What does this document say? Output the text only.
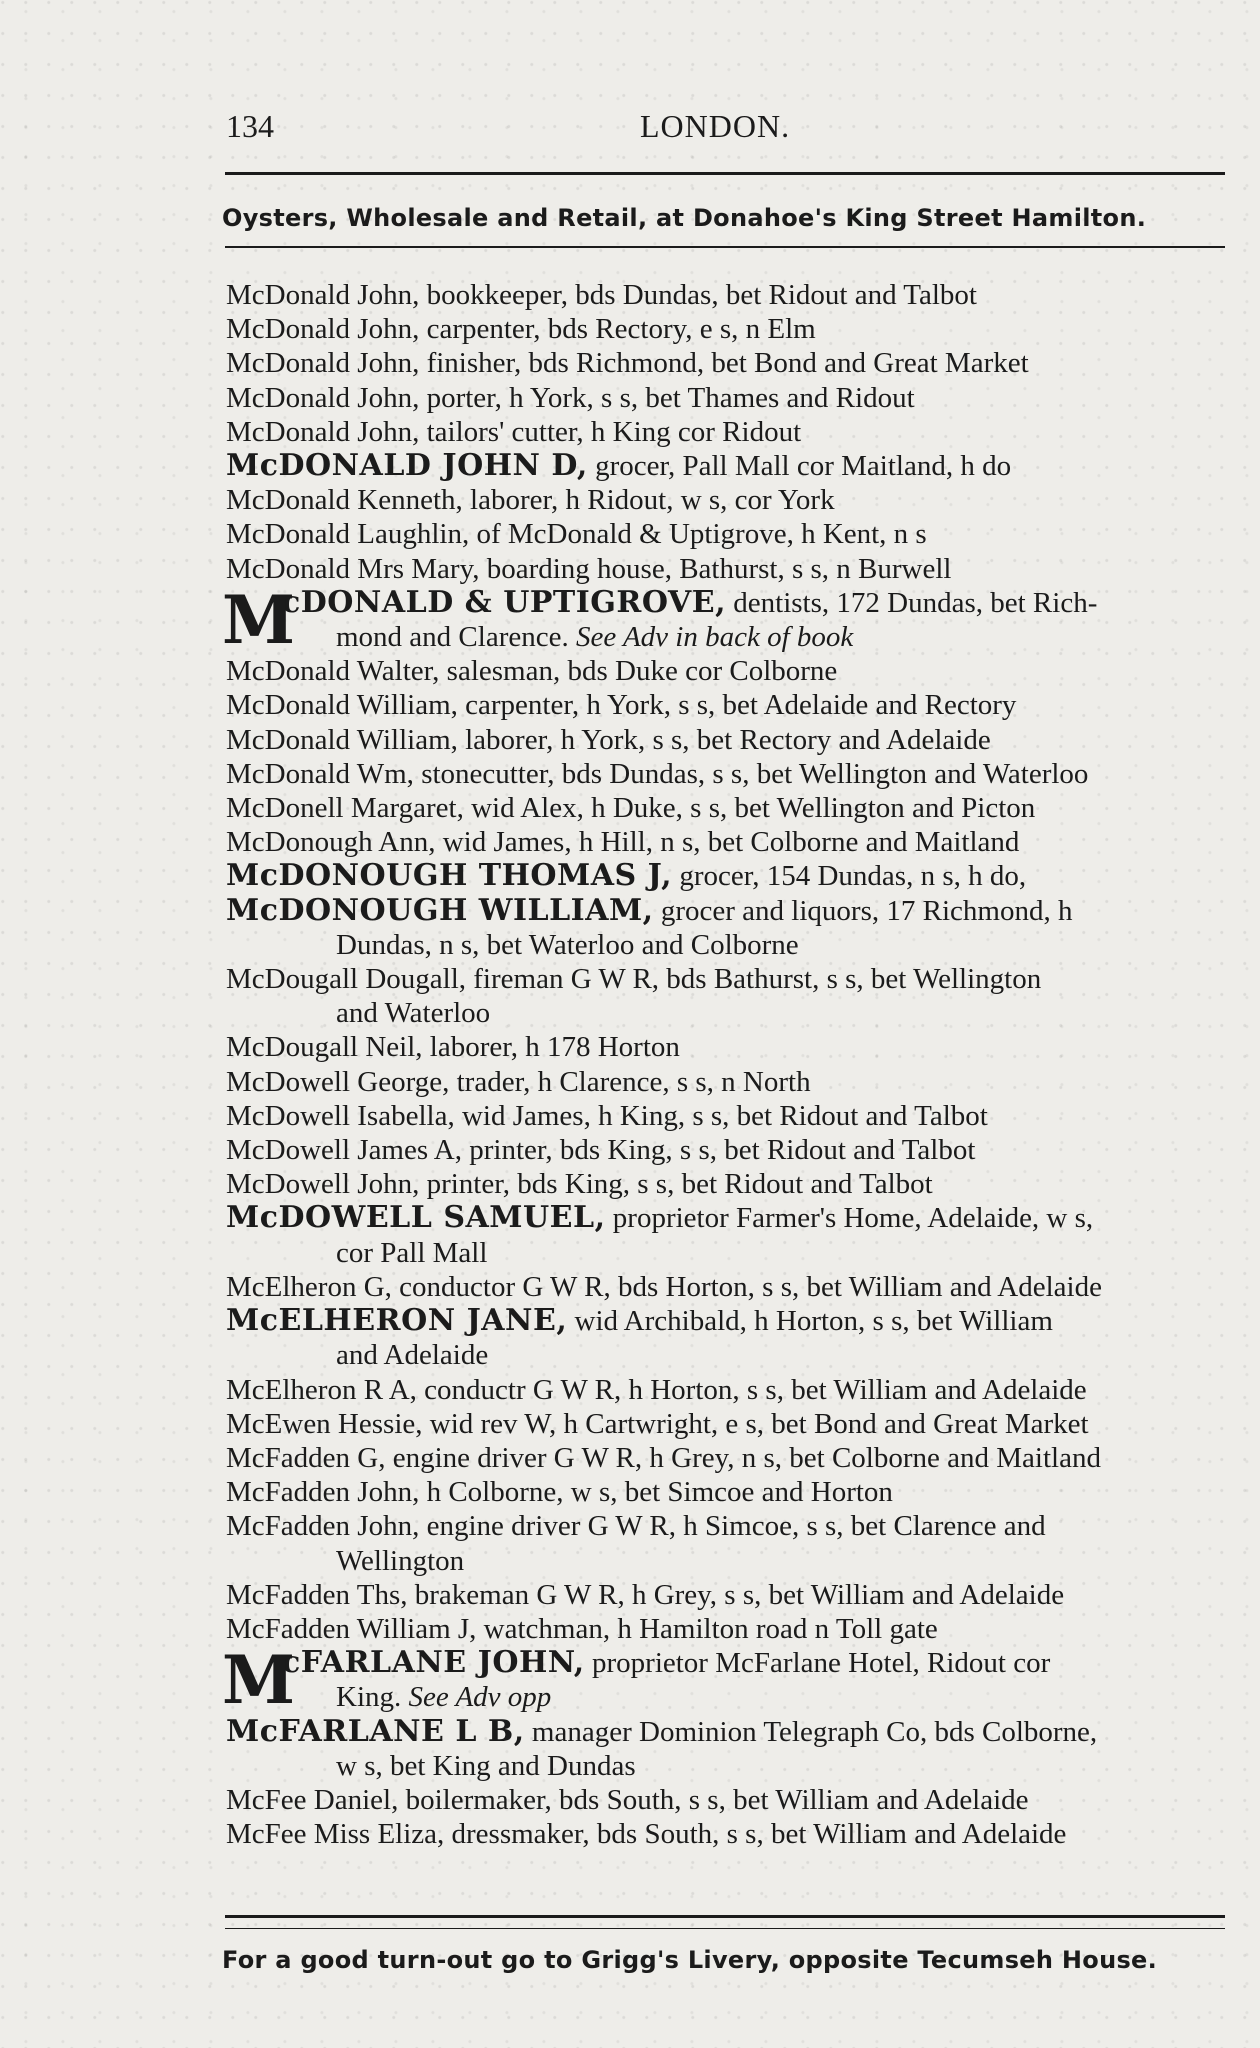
134	LONDON.
Oysters, Wholesale and Retail, at Donahoe's King Street Hamilton.
McDonald John, bookkeeper, bds Dundas, bet Ridout and Talbot
McDonald John, carpenter, bds Rectory, e s, n Elm
McDonald John, finisher, bds Richmond, bet Bond and Great Market
McDonald John, porter, h York, s s, bet Thames and Ridout
McDonald John, tailors' cutter, h King cor Ridout
McDONALD JOHN D, grocer, Pall Mall cor Maitland, h do
McDonald Kenneth, laborer, h Ridout, w s, cor York
McDonald Laughlin, of McDonald & Uptigrove, h Kent, n s
McDonald Mrs Mary, boarding house, Bathurst, s s, n Burwell
M
cDONALD & UPTIGROVE, dentists, 172 Dundas, bet Rich-
mond and Clarence. See Adv in back of book
McDonald Walter, salesman, bds Duke cor Colborne
McDonald William, carpenter, h York, s s, bet Adelaide and Rectory
McDonald William, laborer, h York, s s, bet Rectory and Adelaide
McDonald Wm, stonecutter, bds Dundas, s s, bet Wellington and Waterloo
McDonell Margaret, wid Alex, h Duke, s s, bet Wellington and Picton
McDonough Ann, wid James, h Hill, n s, bet Colborne and Maitland
McDONOUGH THOMAS J, grocer, 154 Dundas, n s, h do,
McDONOUGH WILLIAM, grocer and liquors, 17 Richmond, h
Dundas, n s, bet Waterloo and Colborne
McDougall Dougall, fireman G W R, bds Bathurst, s s, bet Wellington
and Waterloo
McDougall Neil, laborer, h 178 Horton
McDowell George, trader, h Clarence, s s, n North
McDowell Isabella, wid James, h King, s s, bet Ridout and Talbot
McDowell James A, printer, bds King, s s, bet Ridout and Talbot
McDowell John, printer, bds King, s s, bet Ridout and Talbot
McDOWELL SAMUEL, proprietor Farmer's Home, Adelaide, w s,
cor Pall Mall
McElheron G, conductor G W R, bds Horton, s s, bet William and Adelaide
McELHERON JANE, wid Archibald, h Horton, s s, bet William
and Adelaide
McElheron R A, conductr G W R, h Horton, s s, bet William and Adelaide
McEwen Hessie, wid rev W, h Cartwright, e s, bet Bond and Great Market
McFadden G, engine driver G W R, h Grey, n s, bet Colborne and Maitland
McFadden John, h Colborne, w s, bet Simcoe and Horton
McFadden John, engine driver G W R, h Simcoe, s s, bet Clarence and
Wellington
McFadden Ths, brakeman G W R, h Grey, s s, bet William and Adelaide
McFadden William J, watchman, h Hamilton road n Toll gate
M
cFARLANE JOHN, proprietor McFarlane Hotel, Ridout cor
King. See Adv opp
McFARLANE L B, manager Dominion Telegraph Co, bds Colborne,
w s, bet King and Dundas
McFee Daniel, boilermaker, bds South, s s, bet William and Adelaide
McFee Miss Eliza, dressmaker, bds South, s s, bet William and Adelaide
For a good turn-out go to Grigg's Livery, opposite Tecumseh House.
